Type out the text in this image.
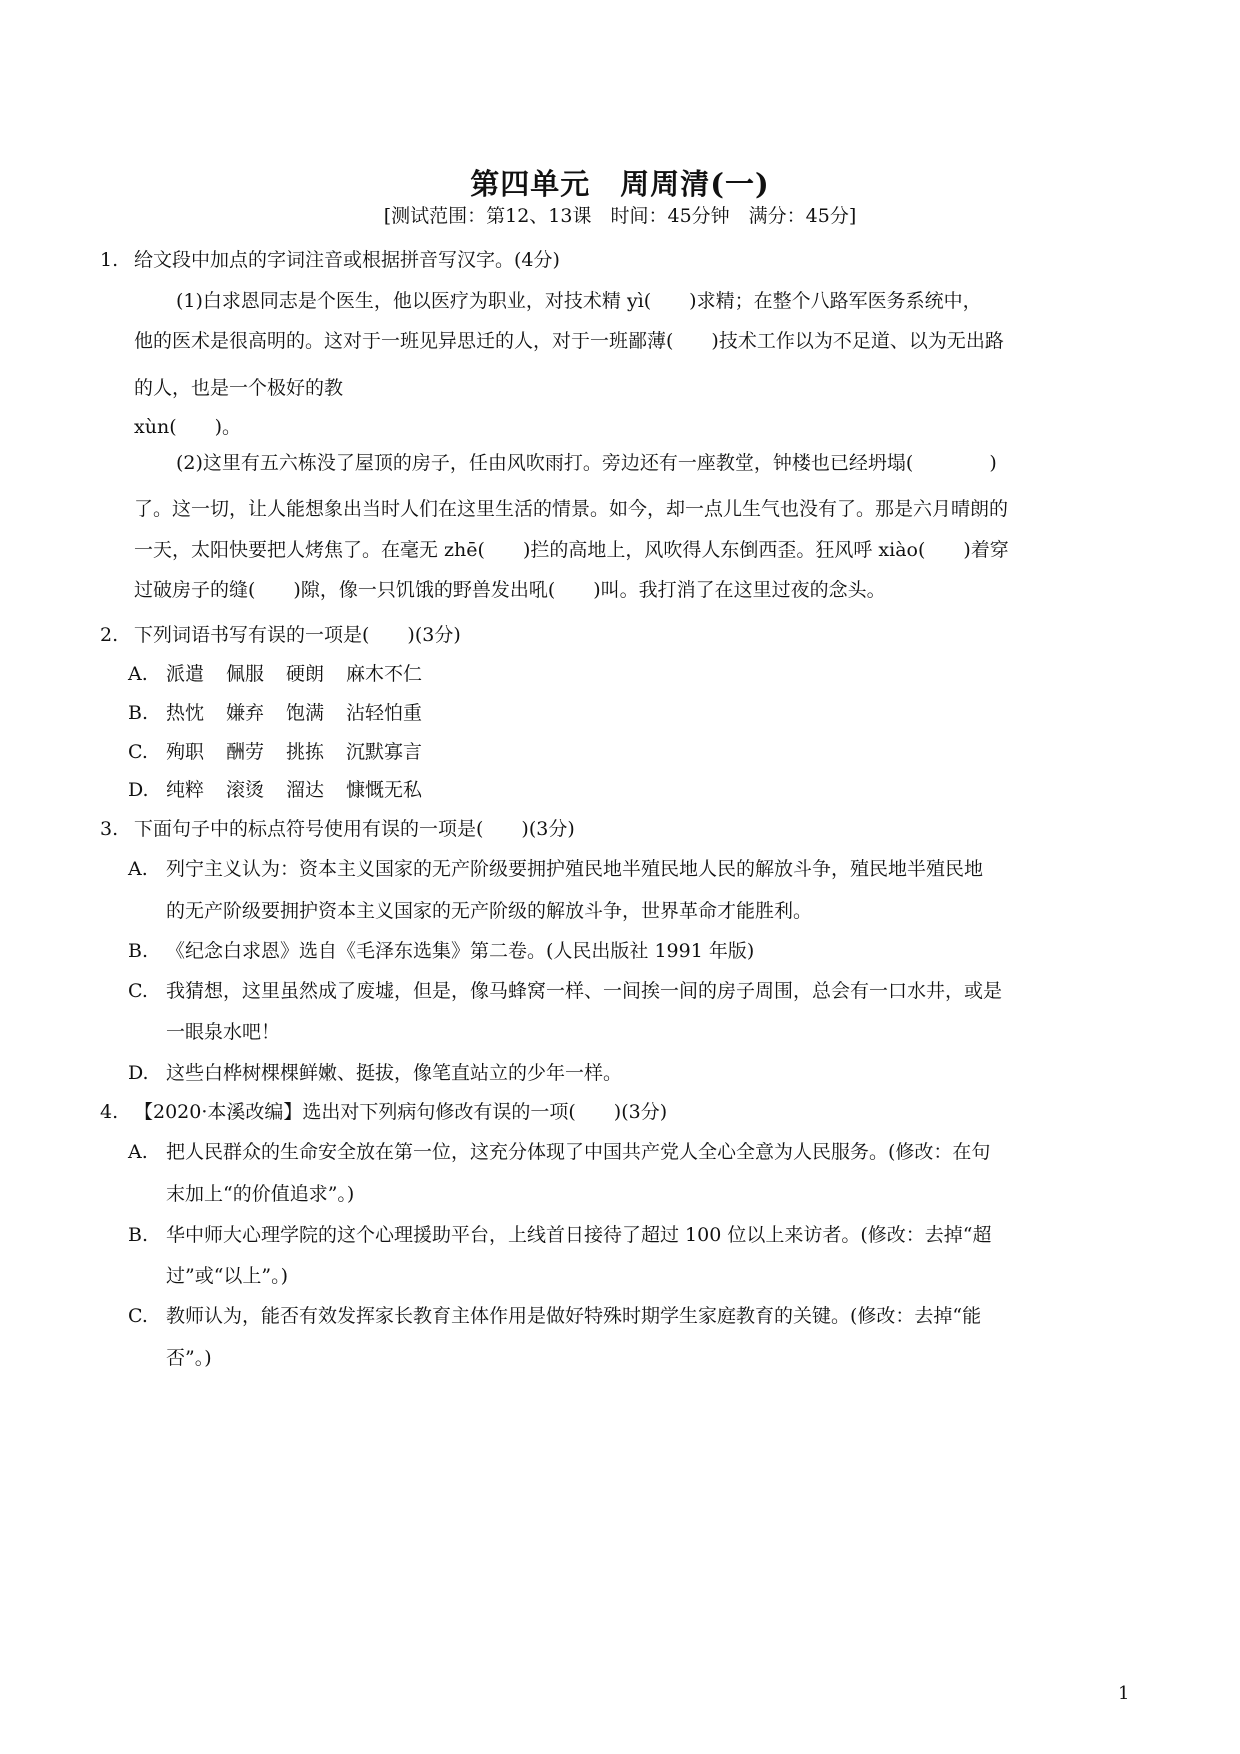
第四单元　周周清(一)
[测试范围：第12、13课　时间：45分钟　满分：45分]
1. 给文段中加点的字词注音或根据拼音写汉字。(4分)
(1)白求恩同志是个医生，他以医疗为职业，对技术精 yì(　　)求精；在整个八路军医务系统中，
他的医术是很高明的。这对于一班见异思迁的人，对于一班鄙薄(　　)技术工作以为不足道、以为无出路
的人，也是一个极好的教
xùn(　　)。
(2)这里有五六栋没了屋顶的房子，任由风吹雨打。旁边还有一座教堂，钟楼也已经坍塌(　　　　)
了。这一切，让人能想象出当时人们在这里生活的情景。如今，却一点儿生气也没有了。那是六月晴朗的
一天，太阳快要把人烤焦了。在毫无 zhē(　　)拦的高地上，风吹得人东倒西歪。狂风呼 xiào(　　)着穿
过破房子的缝(　　)隙，像一只饥饿的野兽发出吼(　　)叫。我打消了在这里过夜的念头。
2. 下列词语书写有误的一项是(　　)(3分)
A. 派遣 佩服 硬朗 麻木不仁
B. 热忱 嫌弃 饱满 沾轻怕重
C. 殉职 酬劳 挑拣 沉默寡言
D. 纯粹 滚烫 溜达 慷慨无私
3. 下面句子中的标点符号使用有误的一项是(　　)(3分)
A. 列宁主义认为：资本主义国家的无产阶级要拥护殖民地半殖民地人民的解放斗争，殖民地半殖民地
的无产阶级要拥护资本主义国家的无产阶级的解放斗争，世界革命才能胜利。
B. 《纪念白求恩》选自《毛泽东选集》第二卷。(人民出版社 1991 年版)
C. 我猜想，这里虽然成了废墟，但是，像马蜂窝一样、一间挨一间的房子周围，总会有一口水井，或是
一眼泉水吧！
D. 这些白桦树棵棵鲜嫩、挺拔，像笔直站立的少年一样。
4. 【2020·本溪改编】选出对下列病句修改有误的一项(　　)(3分)
A. 把人民群众的生命安全放在第一位，这充分体现了中国共产党人全心全意为人民服务。(修改：在句
末加上“的价值追求”。)
B. 华中师大心理学院的这个心理援助平台，上线首日接待了超过 100 位以上来访者。(修改：去掉“超
过”或“以上”。)
C. 教师认为，能否有效发挥家长教育主体作用是做好特殊时期学生家庭教育的关键。(修改：去掉“能
否”。)
1
